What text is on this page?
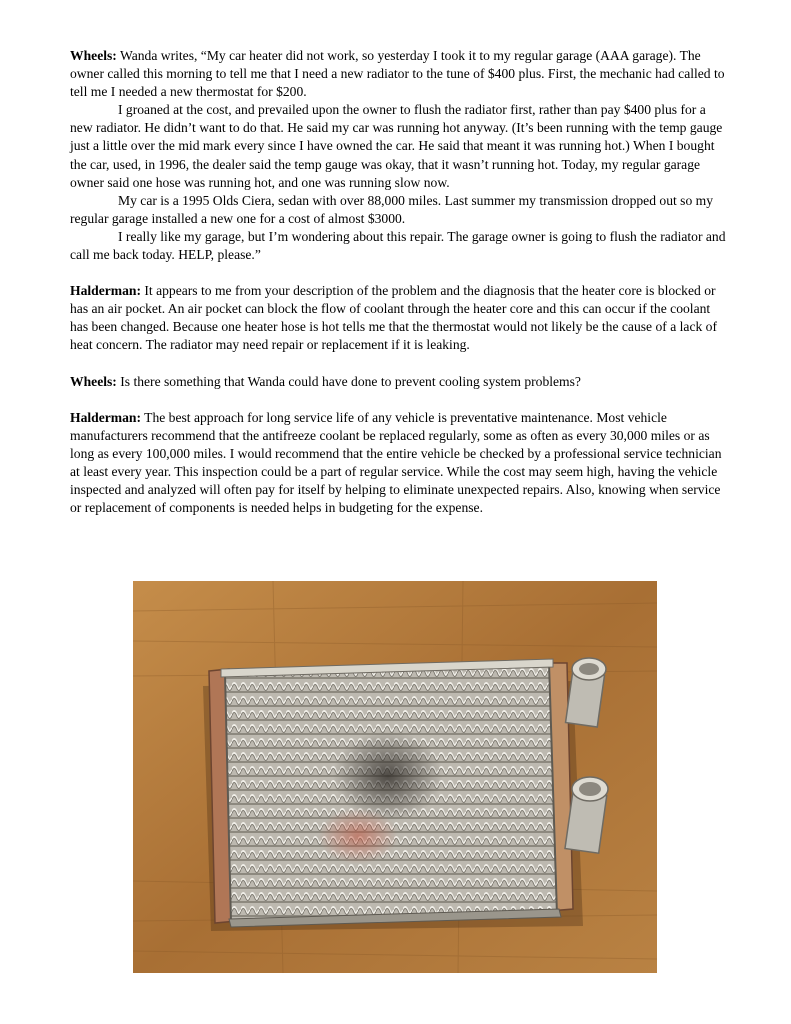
Wheels: Wanda writes, “My car heater did not work, so yesterday I took it to my regular garage (AAA garage). The owner called this morning to tell me that I need a new radiator to the tune of $400 plus. First, the mechanic had called to tell me I needed a new thermostat for $200.

I groaned at the cost, and prevailed upon the owner to flush the radiator first, rather than pay $400 plus for a new radiator. He didn’t want to do that. He said my car was running hot anyway. (It’s been running with the temp gauge just a little over the mid mark every since I have owned the car. He said that meant it was running hot.) When I bought the car, used, in 1996, the dealer said the temp gauge was okay, that it wasn’t running hot. Today, my regular garage owner said one hose was running hot, and one was running slow now.

My car is a 1995 Olds Ciera, sedan with over 88,000 miles. Last summer my transmission dropped out so my regular garage installed a new one for a cost of almost $3000.

I really like my garage, but I’m wondering about this repair. The garage owner is going to flush the radiator and call me back today. HELP, please.”

Halderman: It appears to me from your description of the problem and the diagnosis that the heater core is blocked or has an air pocket. An air pocket can block the flow of coolant through the heater core and this can occur if the coolant has been changed. Because one heater hose is hot tells me that the thermostat would not likely be the cause of a lack of heat concern. The radiator may need repair or replacement if it is leaking.

Wheels: Is there something that Wanda could have done to prevent cooling system problems?

Halderman: The best approach for long service life of any vehicle is preventative maintenance. Most vehicle manufacturers recommend that the antifreeze coolant be replaced regularly, some as often as every 30,000 miles or as long as every 100,000 miles. I would recommend that the entire vehicle be checked by a professional service technician at least every year. This inspection could be a part of regular service. While the cost may seem high, having the vehicle inspected and analyzed will often pay for itself by helping to eliminate unexpected repairs. Also, knowing when service or replacement of components is needed helps in budgeting for the expense.
